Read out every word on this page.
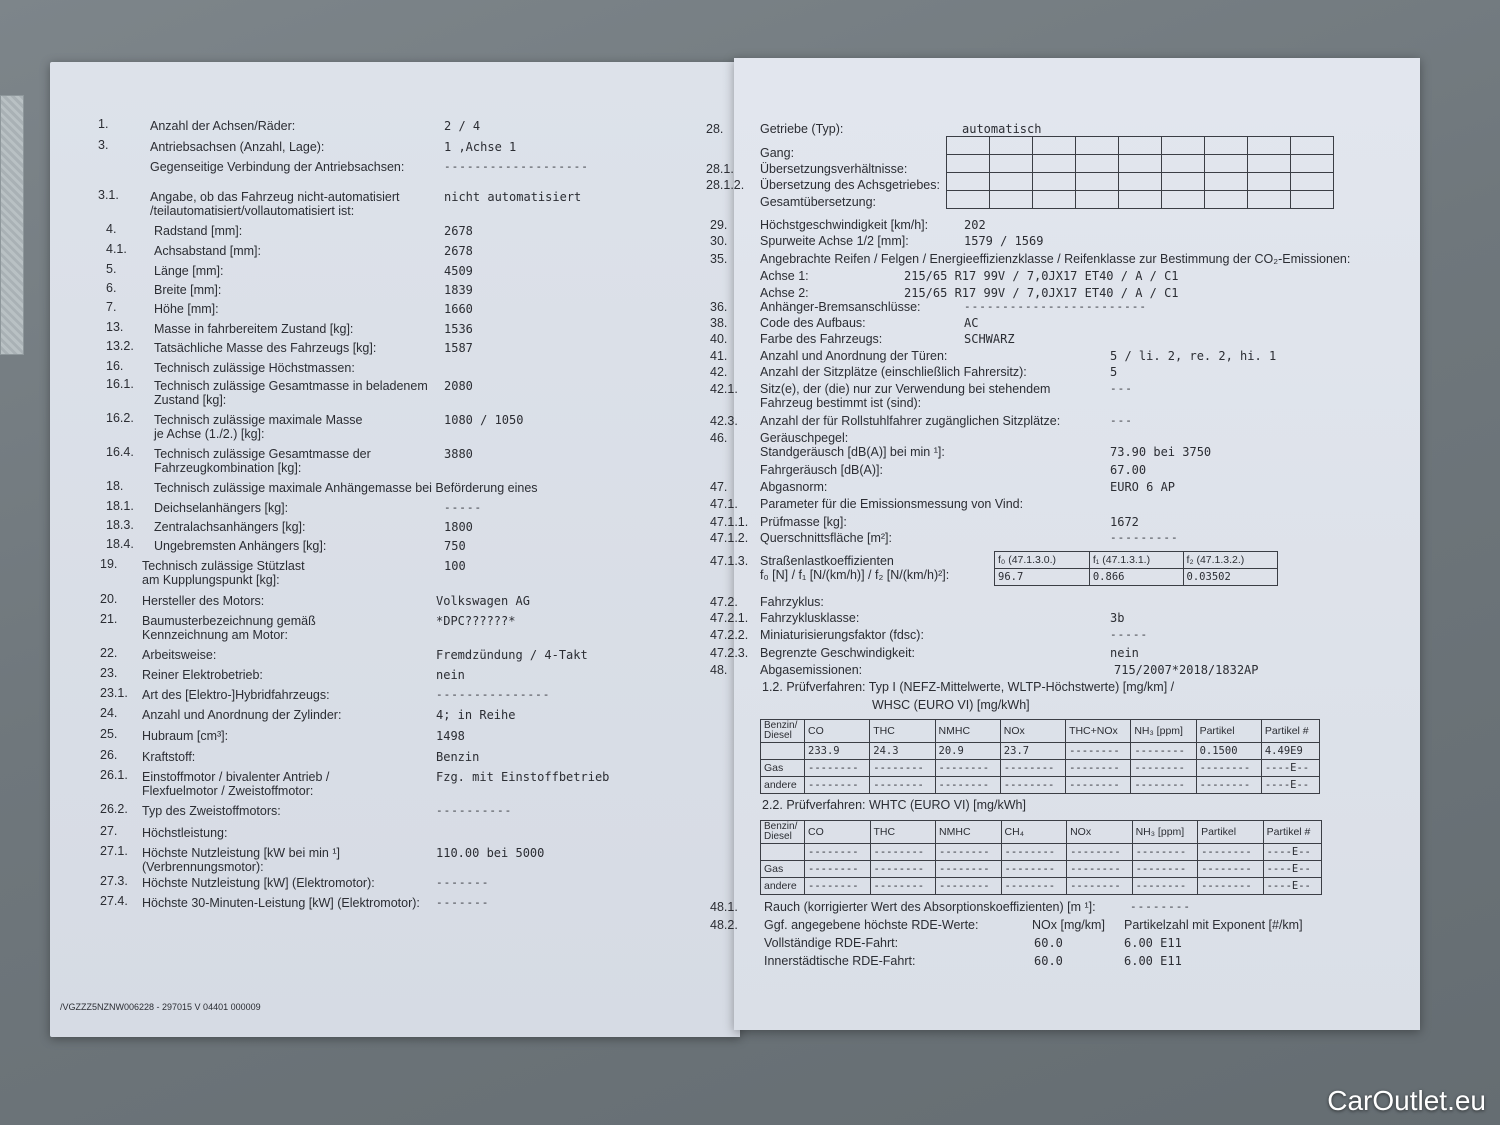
/VGZZZ5NZNW006228 - 297015 V 04401 000009
1.	Anzahl der Achsen/Räder:	2 / 4
3.	Antriebsachsen (Anzahl, Lage):	1 ,Achse 1
Gegenseitige Verbindung der Antriebsachsen:	-------------------
3.1. Angabe, ob das Fahrzeug nicht-automatisiert
/teilautomatisiert/vollautomatisiert ist:
nicht automatisiert
4.	Radstand [mm]:	2678
4.1. Achsabstand [mm]:	2678
5.	Länge [mm]:	4509
6.	Breite [mm]:	1839
7.	Höhe [mm]:	1660
13. Masse in fahrbereitem Zustand [kg]:	1536
13.2. Tatsächliche Masse des Fahrzeugs [kg]:	1587
16. Technisch zulässige Höchstmassen:
16.1. Technisch zulässige Gesamtmasse in beladenem
Zustand [kg]:
2080
16.2. Technisch zulässige maximale Masse
je Achse (1./2.) [kg]:
1080 / 1050
16.4. Technisch zulässige Gesamtmasse der
Fahrzeugkombination [kg]:
3880
18. Technisch zulässige maximale Anhängemasse bei Beförderung eines
18.1. Deichselanhängers [kg]:	-----
18.3. Zentralachsanhängers [kg]:	1800
18.4. Ungebremsten Anhängers [kg]:	750
19. Technisch zulässige Stützlast
am Kupplungspunkt [kg]:
100
20. Hersteller des Motors:	Volkswagen AG
21. Baumusterbezeichnung gemäß
Kennzeichnung am Motor:
*DPC??????*
22. Arbeitsweise:	Fremdzündung / 4-Takt
23. Reiner Elektrobetrieb:	nein
23.1. Art des [Elektro-]Hybridfahrzeugs:	---------------
24. Anzahl und Anordnung der Zylinder:	4; in Reihe
25. Hubraum [cm³]:	1498
26. Kraftstoff:	Benzin
26.1. Einstoffmotor / bivalenter Antrieb /
Flexfuelmotor / Zweistoffmotor:
Fzg. mit Einstoffbetrieb
26.2. Typ des Zweistoffmotors:	----------
27. Höchstleistung:
27.1. Höchste Nutzleistung [kW bei min ¹]
(Verbrennungsmotor):
110.00 bei 5000
27.3. Höchste Nutzleistung [kW] (Elektromotor):	-------
27.4. Höchste 30-Minuten-Leistung [kW] (Elektromotor): -------

f₀ (47.1.3.0.)	f₁ (47.1.3.1.)	f₂ (47.1.3.2.)
96.7	0.866	0.03502
1.2. Prüfverfahren: Typ I (NEFZ-Mittelwerte, WLTP-Höchstwerte) [mg/km] /
WHSC (EURO VI) [mg/kWh]
Benzin/ Diesel	CO	THC	NMHC	NOx	THC+NOx	NH₃ [ppm]	Partikel	Partikel #
	233.9	24.3	20.9	23.7	--------	--------	0.1500	4.49E9
Gas	--------	--------	--------	--------	--------	--------	--------	----E--
andere	--------	--------	--------	--------	--------	--------	--------	----E--
2.2. Prüfverfahren: WHTC (EURO VI) [mg/kWh]
Benzin/ Diesel	CO	THC	NMHC	CH₄	NOx	NH₃ [ppm]	Partikel	Partikel #
	--------	--------	--------	--------	--------	--------	--------	----E--
Gas	--------	--------	--------	--------	--------	--------	--------	----E--
andere	--------	--------	--------	--------	--------	--------	--------	----E--
28.	Getriebe (Typ):	automatisch
Gang:
28.1. Übersetzungsverhältnisse:
28.1.2. Übersetzung des Achsgetriebes:
Gesamtübersetzung:
29.	Höchstgeschwindigkeit [km/h]:	202
30.	Spurweite Achse 1/2 [mm]:	1579 / 1569
35.	Angebrachte Reifen / Felgen / Energieeffizienzklasse / Reifenklasse zur Bestimmung der CO₂-Emissionen:
Achse 1:	215/65 R17 99V / 7,0JX17 ET40 / A / C1
Achse 2:	215/65 R17 99V / 7,0JX17 ET40 / A / C1
36.	Anhänger-Bremsanschlüsse:	------------------------
38.	Code des Aufbaus:	AC
40.	Farbe des Fahrzeugs:	SCHWARZ
41.	Anzahl und Anordnung der Türen:	5 / li. 2, re. 2, hi. 1
42.	Anzahl der Sitzplätze (einschließlich Fahrersitz):	5
42.1. Sitz(e), der (die) nur zur Verwendung bei stehendem
Fahrzeug bestimmt ist (sind):
---
42.3. Anzahl der für Rollstuhlfahrer zugänglichen Sitzplätze:	---
46.	Geräuschpegel:
Standgeräusch [dB(A)] bei min ¹]:	73.90 bei 3750
Fahrgeräusch [dB(A)]:	67.00
47.	Abgasnorm:	EURO 6 AP
47.1. Parameter für die Emissionsmessung von Vind:
47.1.1. Prüfmasse [kg]:	1672
47.1.2. Querschnittsfläche [m²]:	---------
47.1.3. Straßenlastkoeffizienten
f₀ [N] / f₁ [N/(km/h)] / f₂ [N/(km/h)²]:
47.2. Fahrzyklus:
47.2.1. Fahrzyklusklasse:	3b
47.2.2. Miniaturisierungsfaktor (fdsc):	-----
47.2.3. Begrenzte Geschwindigkeit:	nein
48.	Abgasemissionen:	715/2007*2018/1832AP
48.1. Rauch (korrigierter Wert des Absorptionskoeffizienten) [m ¹]:	--------
48.2. Ggf. angegebene höchste RDE-Werte:	NOx [mg/km] Partikelzahl mit Exponent [#/km]
Vollständige RDE-Fahrt:	60.0	6.00 E11
Innerstädtische RDE-Fahrt:	60.0	6.00 E11
CarOutlet.eu
